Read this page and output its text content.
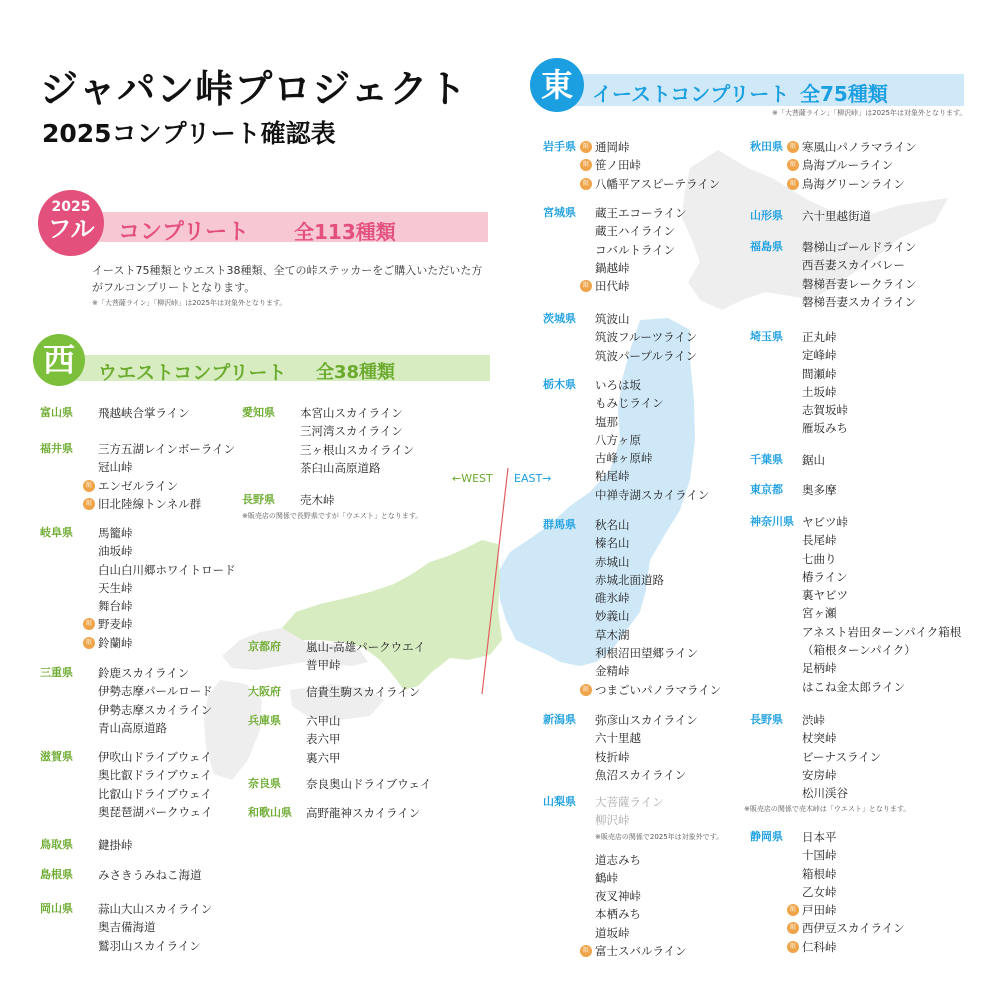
ジャパン峠プロジェクト
2025コンプリート確認表
東 イーストコンプリート 全75種類
※「大菩薩ライン」「柳沢峠」は2025年は対象外となります。
2025
フル	コンプリート 全113種類
イースト75種類とウエスト38種類、全ての峠ステッカーをご購入いただいた方がフルコンプリートとなります。
※「大菩薩ライン」「柳沢峠」は2025年は対象外となります。
西	ウエストコンプリート 全38種類
←WEST EAST→
富山県	飛越峡合掌ライン
福井県	三方五湖レインボーライン
冠山峠
限 エンゼルライン
限 旧北陸線トンネル群
岐阜県	馬籠峠
油坂峠
白山白川郷ホワイトロード
天生峠
舞台峠
限 野麦峠
限 鈴蘭峠
三重県	鈴鹿スカイライン
伊勢志摩パールロード
伊勢志摩スカイライン
青山高原道路
滋賀県	伊吹山ドライブウェイ
奥比叡ドライブウェイ
比叡山ドライブウェイ
奥琵琶湖パークウェイ
鳥取県	鍵掛峠
島根県	みさきうみねこ海道
岡山県	蒜山大山スカイライン
奥吉備海道
鷲羽山スカイライン
愛知県	本宮山スカイライン
三河湾スカイライン
三ヶ根山スカイライン
茶臼山高原道路
長野県	売木峠
※販売店の関係で長野県ですが「ウエスト」となります。
京都府	嵐山-高雄パークウエイ
普甲峠
大阪府	信貴生駒スカイライン
兵庫県	六甲山
表六甲
裏六甲
奈良県	奈良奥山ドライブウェイ
和歌山県	高野龍神スカイライン
岩手県	限 通岡峠
限 笹ノ田峠
限 八幡平アスピーテライン
宮城県	蔵王エコーライン
蔵王ハイライン
コバルトライン
鍋越峠
限 田代峠
茨城県	筑波山
筑波フルーツライン
筑波パープルライン
栃木県	いろは坂
もみじライン
塩那
八方ヶ原
古峰ヶ原峠
粕尾峠
中禅寺湖スカイライン
群馬県	秋名山
榛名山
赤城山
赤城北面道路
碓氷峠
妙義山
草木湖
利根沼田望郷ライン
金精峠
限 つまごいパノラマライン
新潟県	弥彦山スカイライン
六十里越
枝折峠
魚沼スカイライン
山梨県	大菩薩ライン
柳沢峠
※販売店の関係で2025年は対象外です。
道志みち
鶴峠
夜叉神峠
本栖みち
道坂峠
限 富士スバルライン
秋田県	限 寒風山パノラマライン
限 鳥海ブルーライン
限 鳥海グリーンライン
山形県	六十里越街道
福島県	磐梯山ゴールドライン
西吾妻スカイバレー
磐梯吾妻レークライン
磐梯吾妻スカイライン
埼玉県	正丸峠
定峰峠
間瀬峠
土坂峠
志賀坂峠
雁坂みち
千葉県	鋸山
東京都	奥多摩
神奈川県 ヤビツ峠
長尾峠
七曲り
椿ライン
裏ヤビツ
宮ヶ瀬
アネスト岩田ターンパイク箱根
（箱根ターンパイク）
足柄峠
はこね金太郎ライン
長野県	渋峠
杖突峠
ビーナスライン
安房峠
松川渓谷
※販売店の関係で売木峠は「ウエスト」となります。
静岡県	日本平
十国峠
箱根峠
乙女峠
限 戸田峠
限 西伊豆スカイライン
限 仁科峠
